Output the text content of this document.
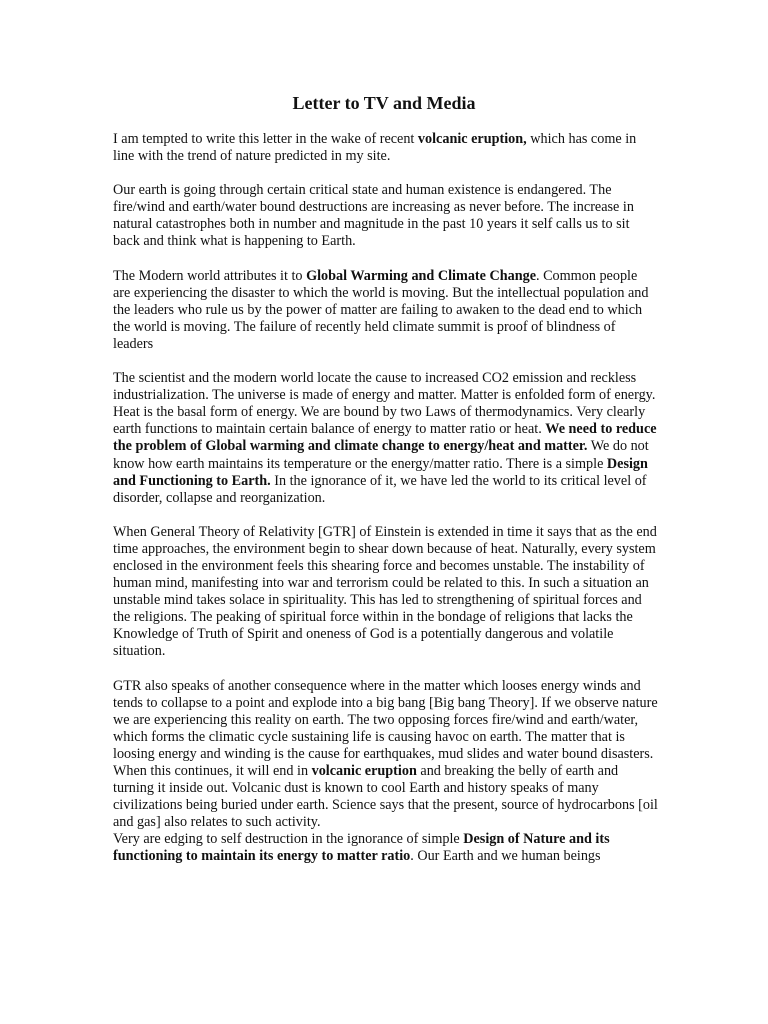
Letter to TV and Media

I am tempted to write this letter in the wake of recent volcanic eruption, which has come in line with the trend of nature predicted in my site.

Our earth is going through certain critical state and human existence is endangered. The fire/wind and earth/water bound destructions are increasing as never before. The increase in natural catastrophes both in number and magnitude in the past 10 years it self calls us to sit back and think what is happening to Earth.

The Modern world attributes it to Global Warming and Climate Change. Common people are experiencing the disaster to which the world is moving. But the intellectual population and the leaders who rule us by the power of matter are failing to awaken to the dead end to which the world is moving. The failure of recently held climate summit is proof of blindness of leaders

The scientist and the modern world locate the cause to increased CO2 emission and reckless industrialization. The universe is made of energy and matter. Matter is enfolded form of energy. Heat is the basal form of energy. We are bound by two Laws of thermodynamics. Very clearly earth functions to maintain certain balance of energy to matter ratio or heat. We need to reduce the problem of Global warming and climate change to energy/heat and matter. We do not know how earth maintains its temperature or the energy/matter ratio. There is a simple Design and Functioning to Earth. In the ignorance of it, we have led the world to its critical level of disorder, collapse and reorganization.

When General Theory of Relativity [GTR] of Einstein is extended in time it says that as the end time approaches, the environment begin to shear down because of heat. Naturally, every system enclosed in the environment feels this shearing force and becomes unstable. The instability of human mind, manifesting into war and terrorism could be related to this. In such a situation an unstable mind takes solace in spirituality. This has led to strengthening of spiritual forces and the religions. The peaking of spiritual force within in the bondage of religions that lacks the Knowledge of Truth of Spirit and oneness of God is a potentially dangerous and volatile situation.

GTR also speaks of another consequence where in the matter which looses energy winds and tends to collapse to a point and explode into a big bang [Big bang Theory]. If we observe nature we are experiencing this reality on earth. The two opposing forces fire/wind and earth/water, which forms the climatic cycle sustaining life is causing havoc on earth. The matter that is loosing energy and winding is the cause for earthquakes, mud slides and water bound disasters. When this continues, it will end in volcanic eruption and breaking the belly of earth and turning it inside out. Volcanic dust is known to cool Earth and history speaks of many civilizations being buried under earth. Science says that the present, source of hydrocarbons [oil and gas] also relates to such activity.

Very are edging to self destruction in the ignorance of simple Design of Nature and its functioning to maintain its energy to matter ratio. Our Earth and we human beings
